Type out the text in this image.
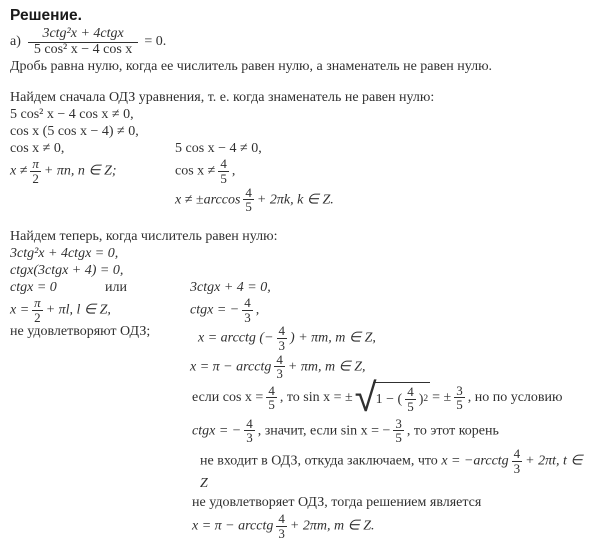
Решение.
$а) \frac{\text{3ctg²x + 4ctgx}}{\text{5 cos² x − 4 cos x}} = 0$.
Дробь равна нулю, когда ее числитель равен нулю, а знаменатель не равен нулю.
Найдем сначала ОДЗ уравнения, т. е. когда знаменатель не равен нулю:
5 cos² x − 4 cos x ≠ 0,
cos x (5 cos x − 4) ≠ 0,
cos x ≠ 0,	5 cos x − 4 ≠ 0,
$x \ne \frac{\pi}{2} + \pi n$, n ∈ Z;	$\cos x \ne \frac{4}{5}$ ,
$x \ne \pm\arccos \frac{4}{5} + 2\pi k$, k ∈ Z.
Найдем теперь, когда числитель равен нулю:
3ctg²x + 4ctgx = 0,
ctgx(3ctgx + 4) = 0,
ctgx = 0	или	3ctgx + 4 = 0,
$x = \frac{\pi}{2} + \pi l$, l ∈ Z,	ctgx = − $\frac{4}{3}$ ,
не удовлетворяют ОДЗ;	x = arcctg (− $\frac{4}{3}$ ) + πm, m ∈ Z,
x = π − arcctg $\frac{4}{3} + \pi m$, m ∈ Z,
если $\cos x = \frac{4}{5}$ , то sin x = ± √ 1 − ( $\frac{4}{5}$ ) 2 = ± $\frac{3}{5}$ , но по условию
ctgx = − $\frac{4}{3}$ , значит, если sin x = − $\frac{3}{5}$ , то этот корень
не входит в ОДЗ, откуда заключаем, что x = −arcctg $\frac{4}{3} + 2\pi t$, t ∈ Z
не удовлетворяет ОДЗ, тогда решением является
x = π − arcctg $\frac{4}{3} + 2\pi m$, m ∈ Z.
